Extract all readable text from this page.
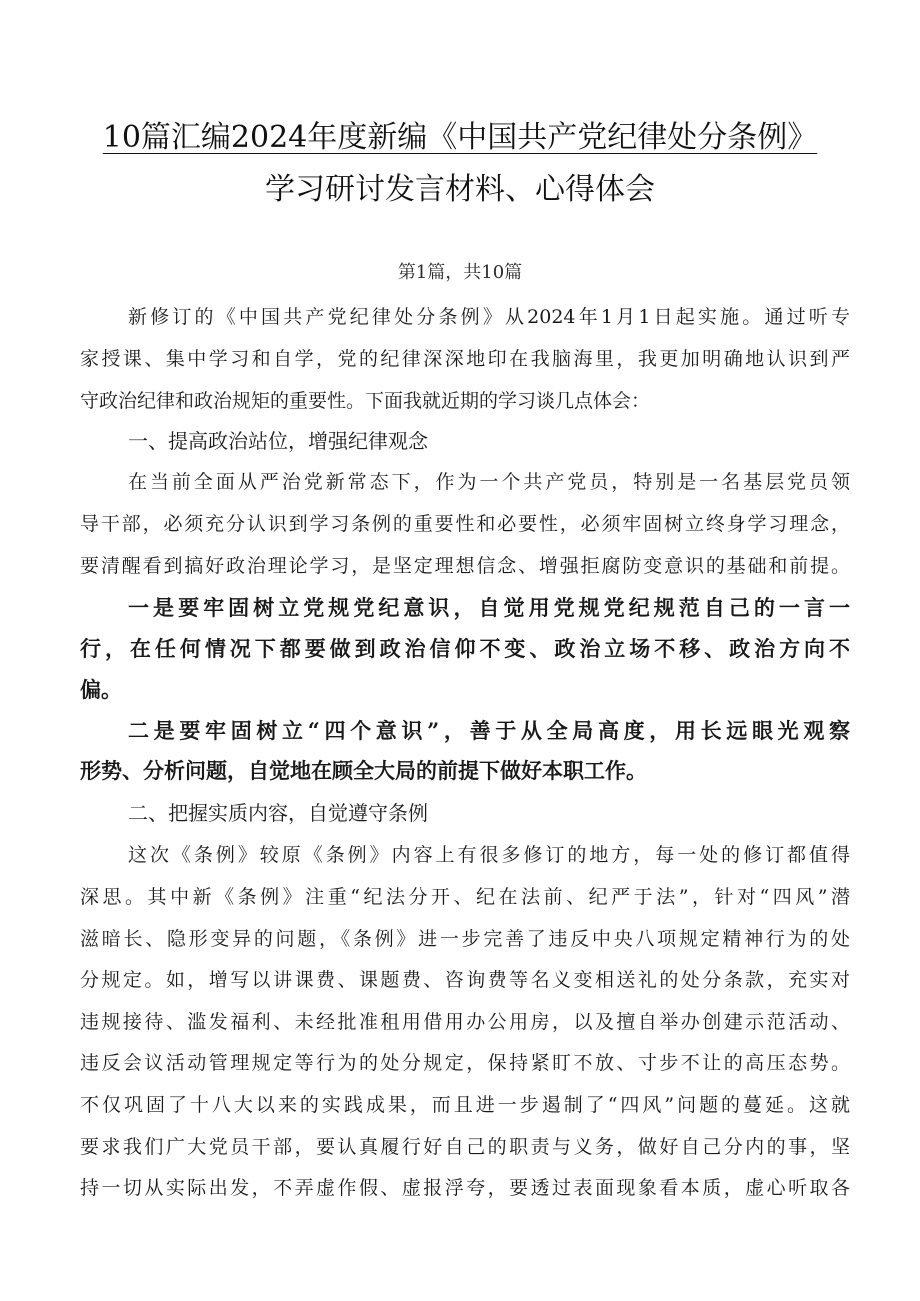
10篇汇编2024年度新编《中国共产党纪律处分条例》
学习研讨发言材料、心得体会
第1篇，共10篇
新修订的《中国共产党纪律处分条例》从2024年1月1日起实施。通过听专
家授课、集中学习和自学，党的纪律深深地印在我脑海里，我更加明确地认识到严
守政治纪律和政治规矩的重要性。下面我就近期的学习谈几点体会：
一、提高政治站位，增强纪律观念
在当前全面从严治党新常态下，作为一个共产党员，特别是一名基层党员领
导干部，必须充分认识到学习条例的重要性和必要性，必须牢固树立终身学习理念，
要清醒看到搞好政治理论学习，是坚定理想信念、增强拒腐防变意识的基础和前提。
一是要牢固树立党规党纪意识，自觉用党规党纪规范自己的一言一
行，在任何情况下都要做到政治信仰不变、政治立场不移、政治方向不
偏。
二是要牢固树立“四个意识”，善于从全局高度，用长远眼光观察
形势、分析问题，自觉地在顾全大局的前提下做好本职工作。
二、把握实质内容，自觉遵守条例
这次《条例》较原《条例》内容上有很多修订的地方，每一处的修订都值得
深思。其中新《条例》注重“纪法分开、纪在法前、纪严于法”，针对“四风”潜
滋暗长、隐形变异的问题，《条例》进一步完善了违反中央八项规定精神行为的处
分规定。如，增写以讲课费、课题费、咨询费等名义变相送礼的处分条款，充实对
违规接待、滥发福利、未经批准租用借用办公用房，以及擅自举办创建示范活动、
违反会议活动管理规定等行为的处分规定，保持紧盯不放、寸步不让的高压态势。
不仅巩固了十八大以来的实践成果，而且进一步遏制了“四风”问题的蔓延。这就
要求我们广大党员干部，要认真履行好自己的职责与义务，做好自己分内的事，坚
持一切从实际出发，不弄虚作假、虚报浮夸，要透过表面现象看本质，虚心听取各
